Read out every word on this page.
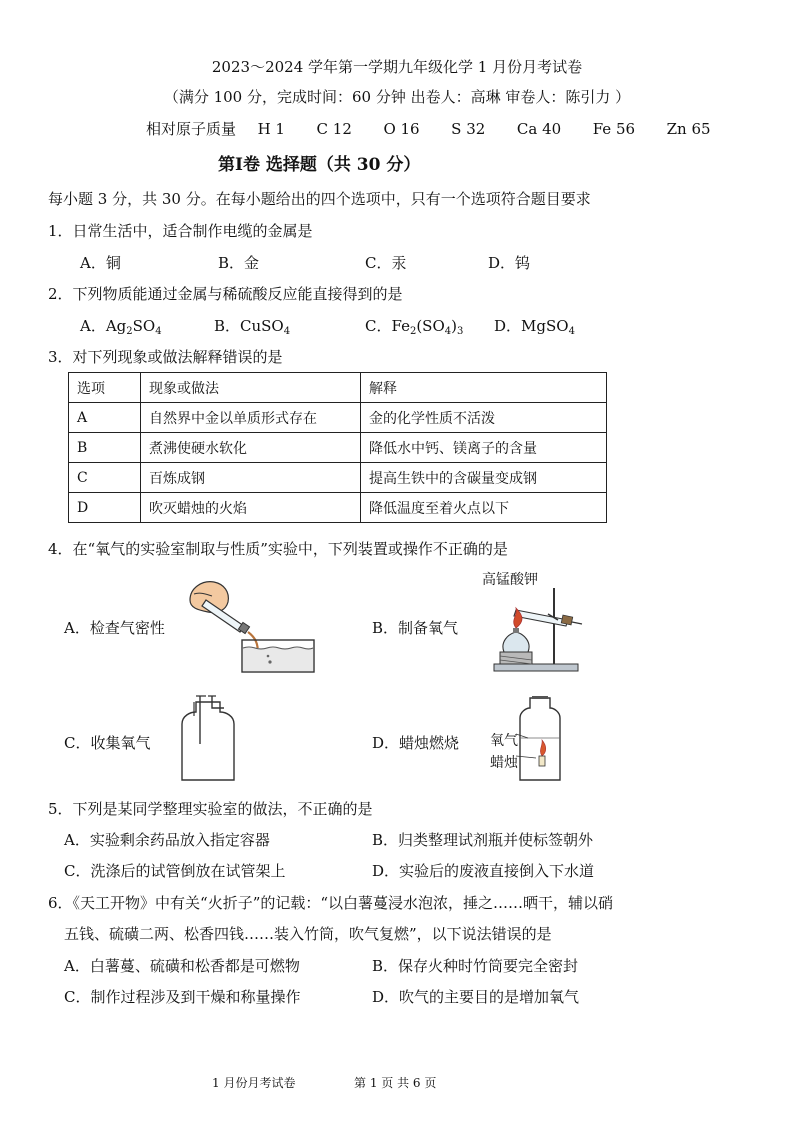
2023～2024 学年第一学期九年级化学 1 月份月考试卷
（满分 100 分，完成时间：60 分钟 出卷人：高琳 审卷人：陈引力 ）
相对原子质量 H 1 C 12 O 16 S 32 Ca 40 Fe 56 Zn 65
第Ⅰ卷 选择题（共 30 分）
每小题 3 分，共 30 分。在每小题给出的四个选项中，只有一个选项符合题目要求
1．日常生活中，适合制作电缆的金属是
A．铜	B．金	C．汞	D．钨
2．下列物质能通过金属与稀硫酸反应能直接得到的是
A．$Ag_2SO_4$	B．CuSO$_4$	C．$Fe_2(SO_4)_3$ D．MgSO$_4$
3．对下列现象或做法解释错误的是
选项	现象或做法	解释
A	自然界中金以单质形式存在	金的化学性质不活泼
B	煮沸使硬水软化	降低水中钙、镁离子的含量
C	百炼成钢	提高生铁中的含碳量变成钢
D	吹灭蜡烛的火焰	降低温度至着火点以下
4．在“氧气的实验室制取与性质”实验中，下列装置或操作不正确的是
A．检查气密性	B．制备氧气
高锰酸钾
C．收集氧气	D．蜡烛燃烧 氧气
蜡烛
5．下列是某同学整理实验室的做法，不正确的是
A．实验剩余药品放入指定容器	B．归类整理试剂瓶并使标签朝外
C．洗涤后的试管倒放在试管架上	D．实验后的废液直接倒入下水道
6．《天工开物》中有关“火折子”的记载：“以白薯蔓浸水泡浓，捶之……晒干，辅以硝
五钱、硫磺二两、松香四钱……装入竹筒，吹气复燃”，以下说法错误的是
A．白薯蔓、硫磺和松香都是可燃物	B．保存火种时竹筒要完全密封
C．制作过程涉及到干燥和称量操作	D．吹气的主要目的是增加氧气
1 月份月考试卷	第 1 页 共 6 页
